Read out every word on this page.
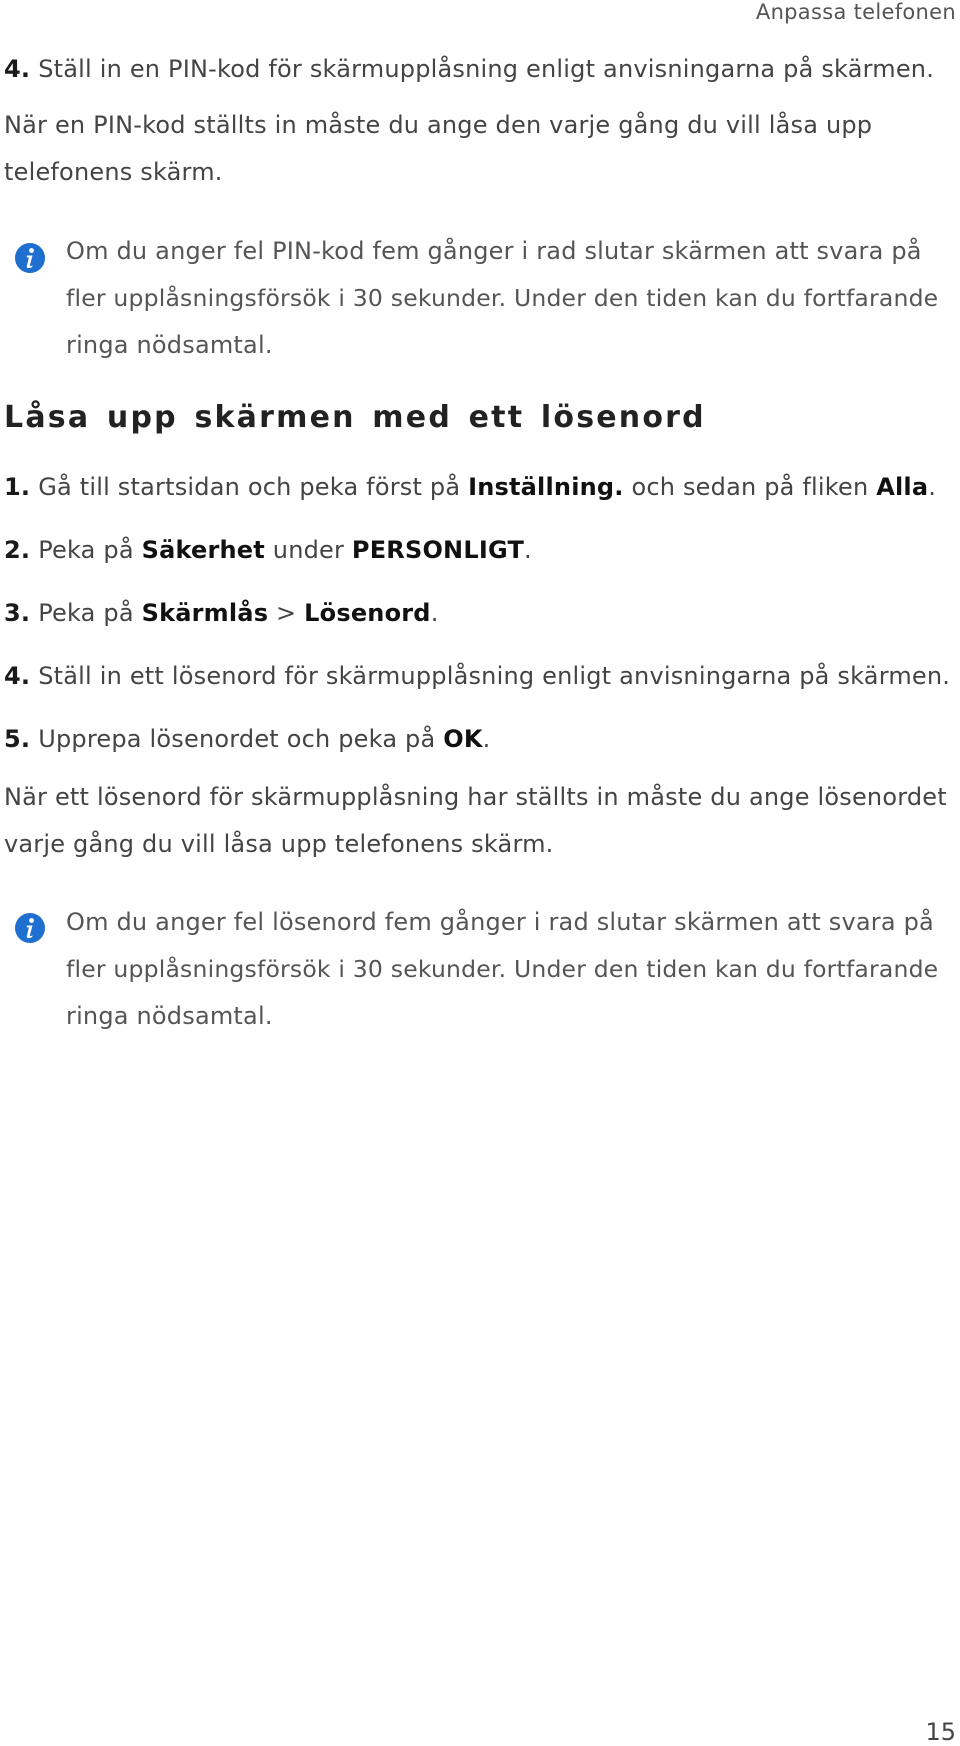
Anpassa telefonen
4. Ställ in en PIN-kod för skärmupplåsning enligt anvisningarna på skärmen.
När en PIN-kod ställts in måste du ange den varje gång du vill låsa upp
telefonens skärm.
Om du anger fel PIN-kod fem gånger i rad slutar skärmen att svara på
fler upplåsningsförsök i 30 sekunder. Under den tiden kan du fortfarande
ringa nödsamtal.
Låsa upp skärmen med ett lösenord
1. Gå till startsidan och peka först på Inställning. och sedan på fliken Alla.
2. Peka på Säkerhet under PERSONLIGT.
3. Peka på Skärmlås > Lösenord.
4. Ställ in ett lösenord för skärmupplåsning enligt anvisningarna på skärmen.
5. Upprepa lösenordet och peka på OK.
När ett lösenord för skärmupplåsning har ställts in måste du ange lösenordet
varje gång du vill låsa upp telefonens skärm.
Om du anger fel lösenord fem gånger i rad slutar skärmen att svara på
fler upplåsningsförsök i 30 sekunder. Under den tiden kan du fortfarande
ringa nödsamtal.
15
